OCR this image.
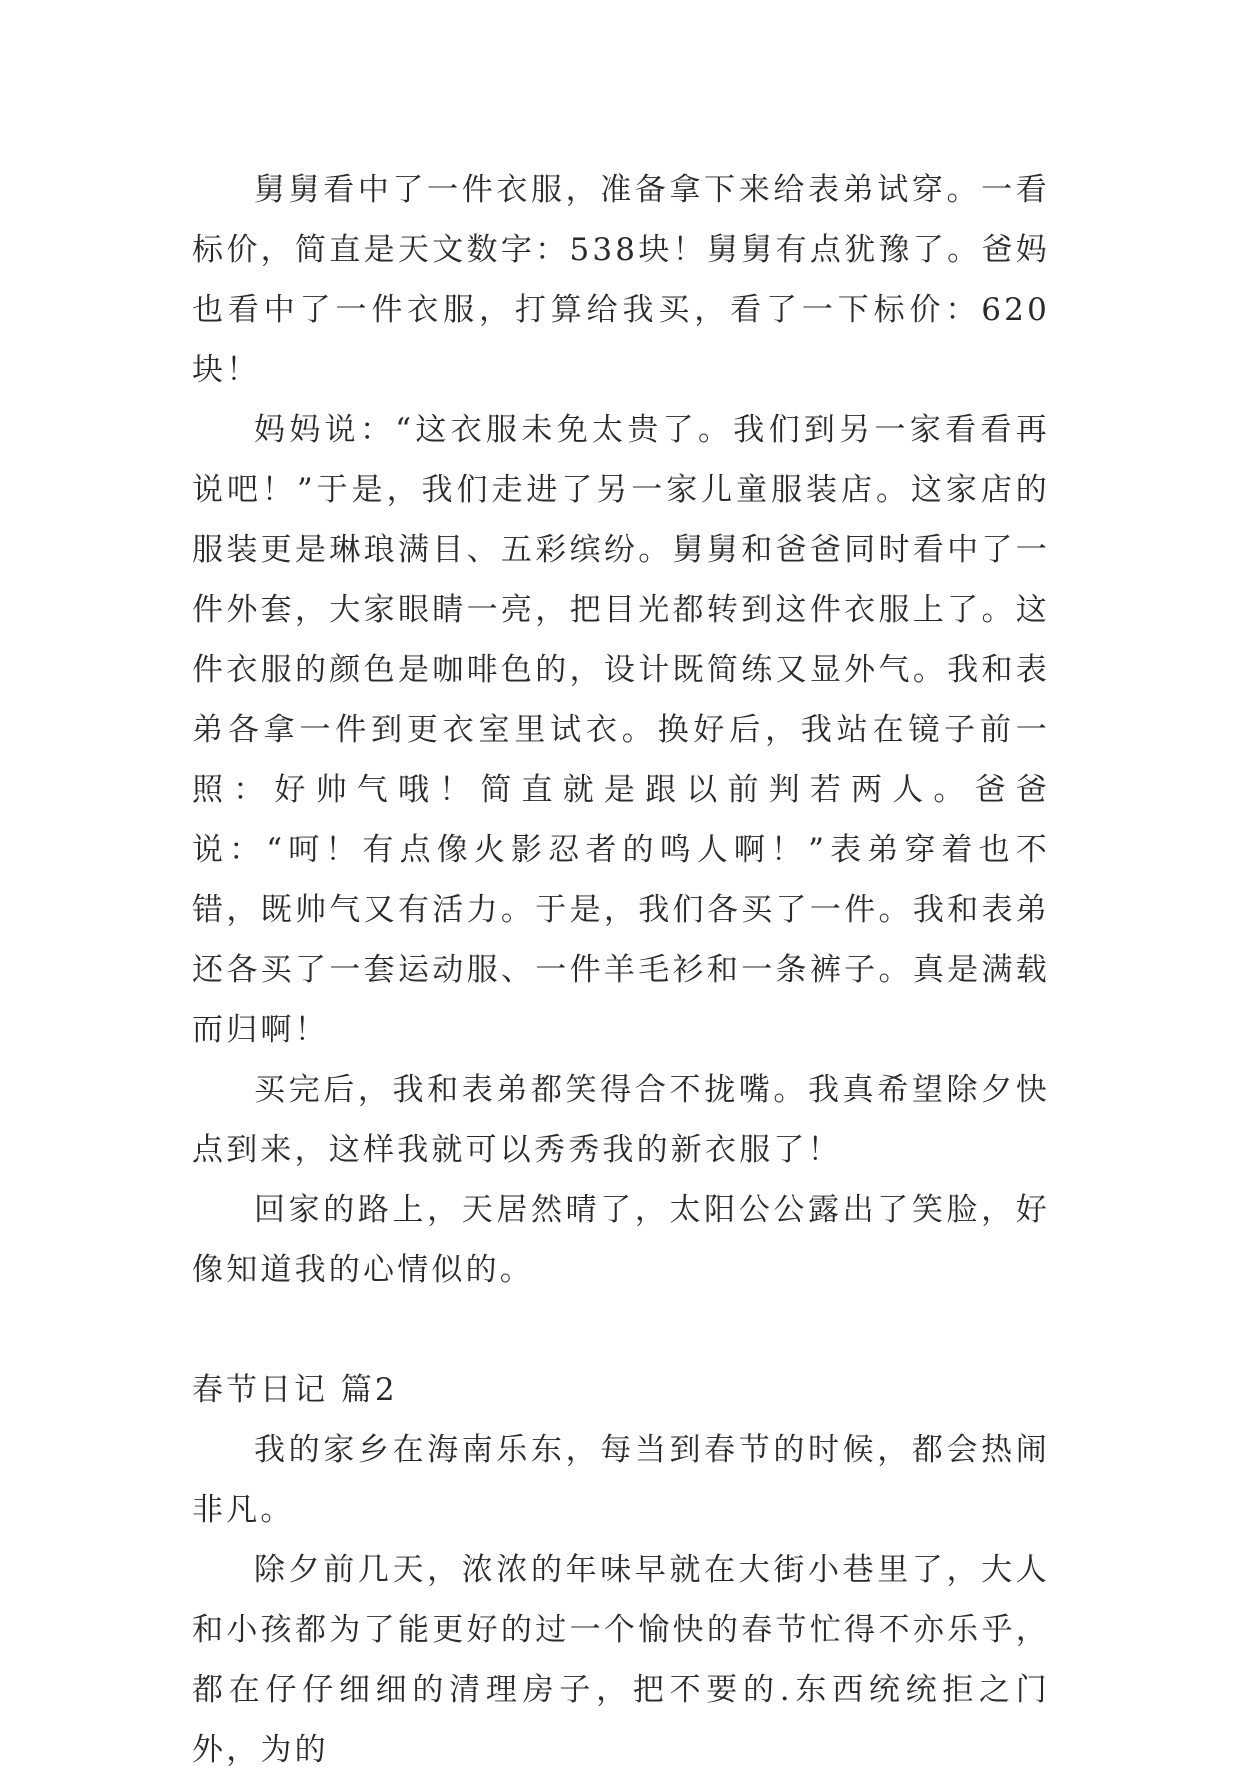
舅舅看中了一件衣服，准备拿下来给表弟试穿。一看标价，简直是天文数字：538块！舅舅有点犹豫了。爸妈也看中了一件衣服，打算给我买，看了一下标价：620块！

妈妈说：“这衣服未免太贵了。我们到另一家看看再说吧！”于是，我们走进了另一家儿童服装店。这家店的服装更是琳琅满目、五彩缤纷。舅舅和爸爸同时看中了一件外套，大家眼睛一亮，把目光都转到这件衣服上了。这件衣服的颜色是咖啡色的，设计既简练又显外气。我和表弟各拿一件到更衣室里试衣。换好后，我站在镜子前一照：好帅气哦！简直就是跟以前判若两人。爸爸说：“呵！有点像火影忍者的鸣人啊！”表弟穿着也不错，既帅气又有活力。于是，我们各买了一件。我和表弟还各买了一套运动服、一件羊毛衫和一条裤子。真是满载而归啊！

买完后，我和表弟都笑得合不拢嘴。我真希望除夕快点到来，这样我就可以秀秀我的新衣服了！

回家的路上，天居然晴了，太阳公公露出了笑脸，好像知道我的心情似的。

春节日记 篇2

我的家乡在海南乐东，每当到春节的时候，都会热闹非凡。

除夕前几天，浓浓的年味早就在大街小巷里了，大人和小孩都为了能更好的过一个愉快的春节忙得不亦乐乎，都在仔仔细细的清理房子，把不要的.东西统统拒之门外，为的
